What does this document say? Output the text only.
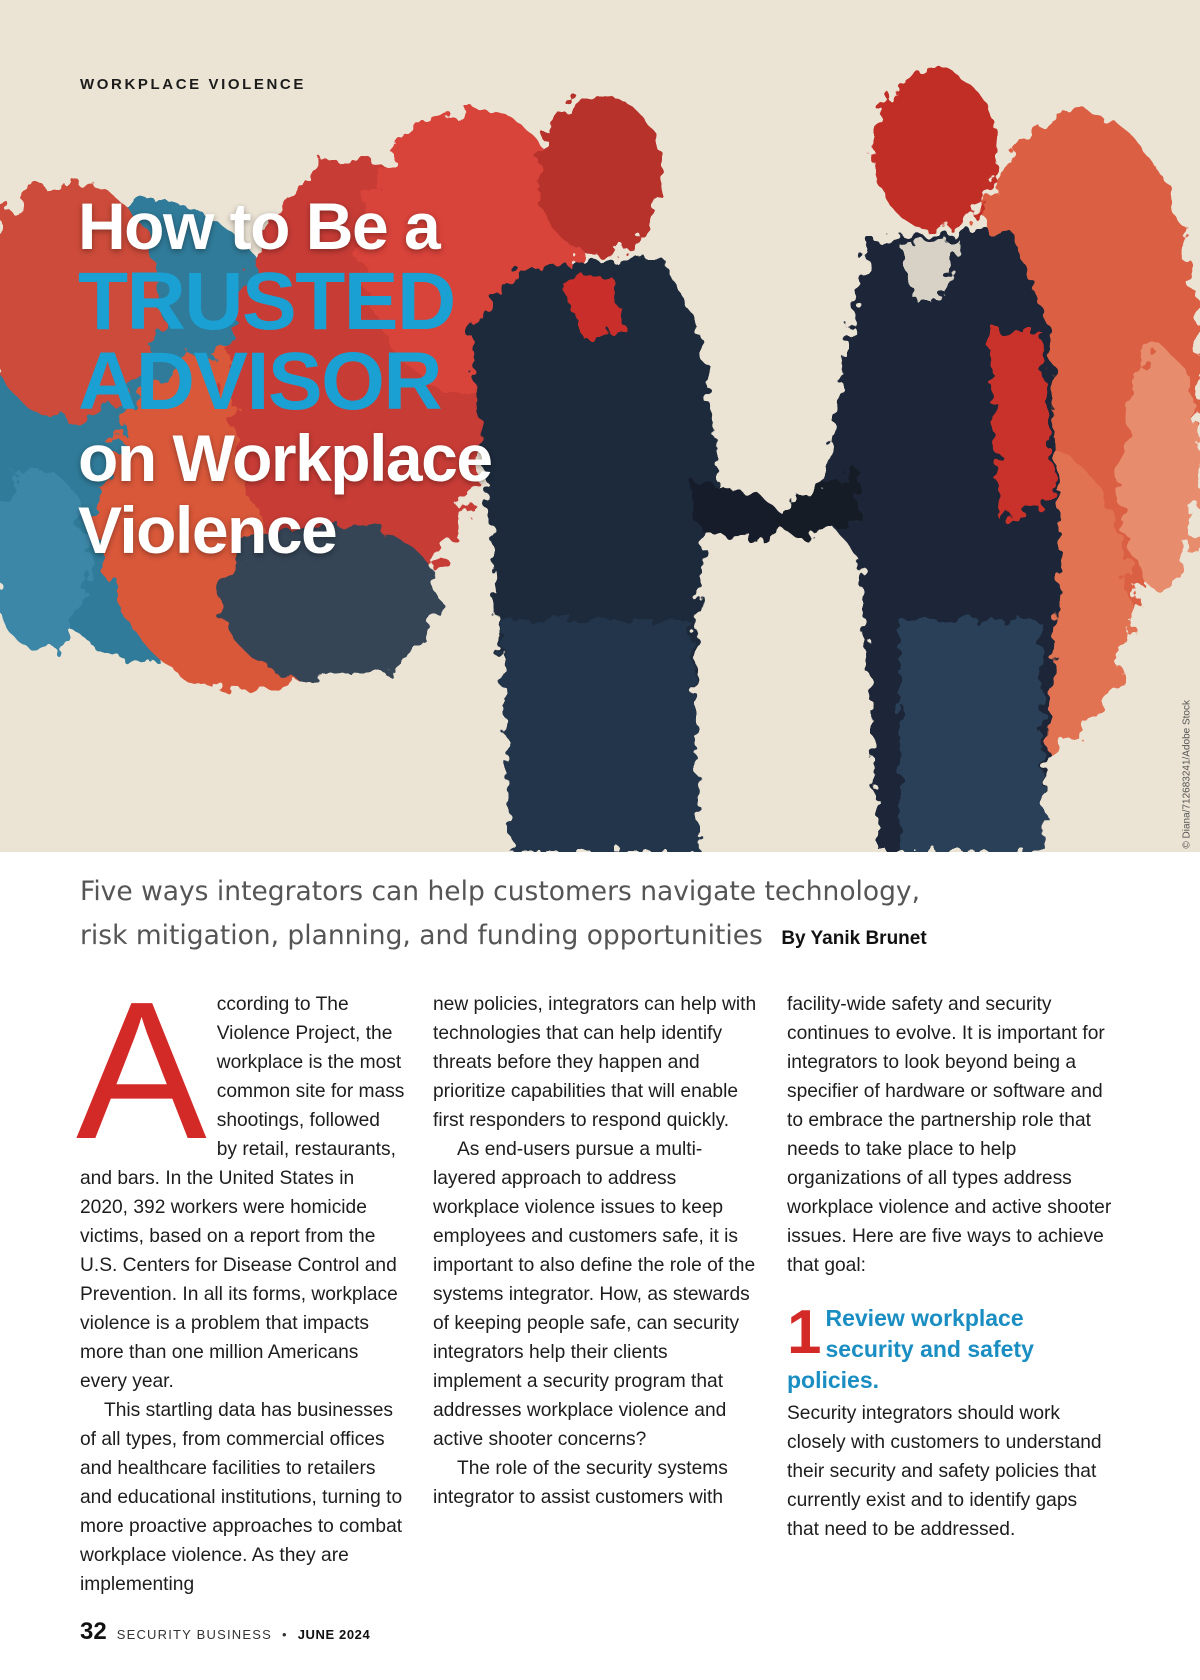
WORKPLACE VIOLENCE
How to Be a
TRUSTED
ADVISOR
on Workplace
Violence
© Diana/712683241/Adobe Stock

Five ways integrators can help customers navigate technology,
risk mitigation, planning, and funding opportunities By Yanik Brunet

According to The Violence Project, the workplace is the most common site for mass shootings, followed by retail, restaurants, and bars. In the United States in 2020, 392 workers were homicide victims, based on a report from the U.S. Centers for Disease Control and Prevention. In all its forms, workplace violence is a problem that impacts more than one million Americans every year.

This startling data has businesses of all types, from commercial offices and healthcare facilities to retailers and educational institutions, turning to more proactive approaches to combat workplace violence. As they are implementing

new policies, integrators can help with technologies that can help identify threats before they happen and prioritize capabilities that will enable first responders to respond quickly.

As end-users pursue a multi-layered approach to address workplace violence issues to keep employees and customers safe, it is important to also define the role of the systems integrator. How, as stewards of keeping people safe, can security integrators help their clients implement a security program that addresses workplace violence and active shooter concerns?

The role of the security systems integrator to assist customers with

facility-wide safety and security continues to evolve. It is important for integrators to look beyond being a specifier of hardware or software and to embrace the partnership role that needs to take place to help organizations of all types address workplace violence and active shooter issues. Here are five ways to achieve that goal:

1 Review workplace security and safety policies.

Security integrators should work closely with customers to understand their security and safety policies that currently exist and to identify gaps that need to be addressed.

32 SECURITY BUSINESS • JUNE 2024
